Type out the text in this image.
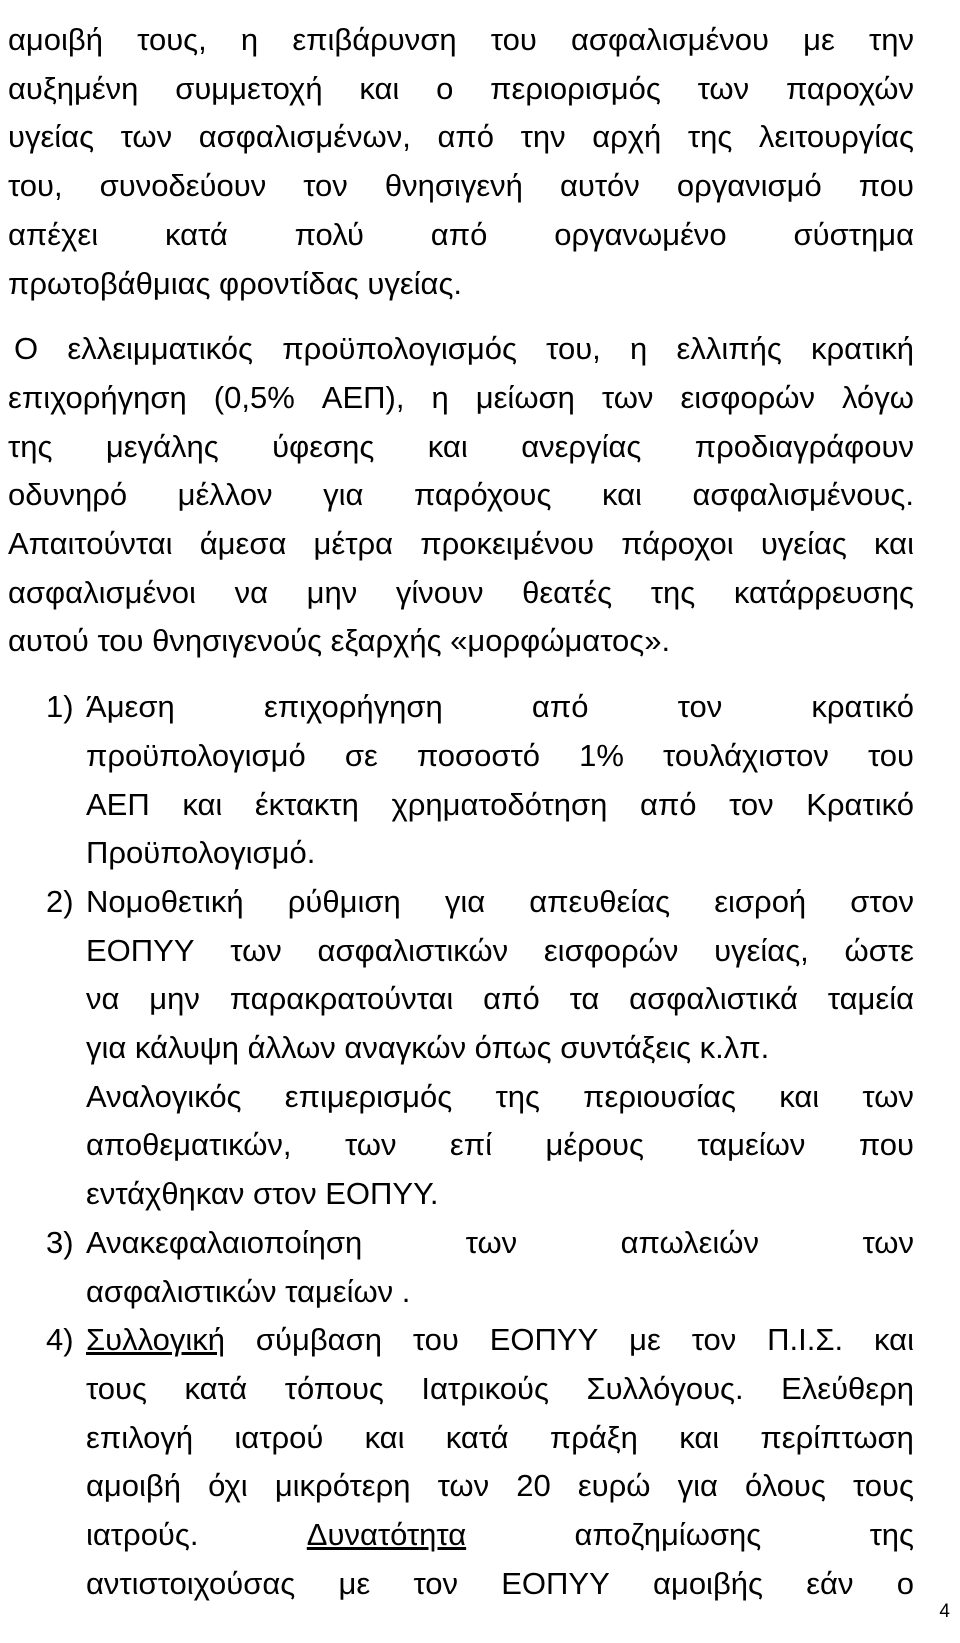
αμοιβή τους, η επιβάρυνση του ασφαλισμένου με την
αυξημένη συμμετοχή και ο περιορισμός των παροχών
υγείας των ασφαλισμένων, από την αρχή της λειτουργίας
του, συνοδεύουν τον θνησιγενή αυτόν οργανισμό που
απέχει κατά πολύ από οργανωμένο σύστημα
πρωτοβάθμιας φροντίδας υγείας.
Ο ελλειμματικός προϋπολογισμός του, η ελλιπής κρατική
επιχορήγηση (0,5% ΑΕΠ), η μείωση των εισφορών λόγω
της μεγάλης ύφεσης και ανεργίας προδιαγράφουν
οδυνηρό μέλλον για παρόχους και ασφαλισμένους.
Απαιτούνται άμεσα μέτρα προκειμένου πάροχοι υγείας και
ασφαλισμένοι να μην γίνουν θεατές της κατάρρευσης
αυτού του θνησιγενούς εξαρχής «μορφώματος».
1) Άμεση	επιχορήγηση	από	τον	κρατικό
προϋπολογισμό σε ποσοστό 1% τουλάχιστον του
ΑΕΠ και έκτακτη χρηματοδότηση από τον Κρατικό
Προϋπολογισμό.
2) Νομοθετική ρύθμιση για απευθείας εισροή στον
ΕΟΠΥΥ των ασφαλιστικών εισφορών υγείας, ώστε
να μην παρακρατούνται από τα ασφαλιστικά ταμεία
για κάλυψη άλλων αναγκών όπως συντάξεις κ.λπ.
Αναλογικός επιμερισμός της περιουσίας και των
αποθεματικών, των επί μέρους ταμείων που
εντάχθηκαν στον ΕΟΠΥΥ.
3) Ανακεφαλαιοποίηση	των	απωλειών	των
ασφαλιστικών ταμείων .
4) Συλλογική σύμβαση του ΕΟΠΥΥ με τον Π.Ι.Σ. και
τους κατά τόπους Ιατρικούς Συλλόγους. Ελεύθερη
επιλογή ιατρού και κατά πράξη και περίπτωση
αμοιβή όχι μικρότερη των 20 ευρώ για όλους τους
ιατρούς.	Δυνατότητα	αποζημίωσης	της
αντιστοιχούσας με τον ΕΟΠΥΥ αμοιβής εάν ο
4
